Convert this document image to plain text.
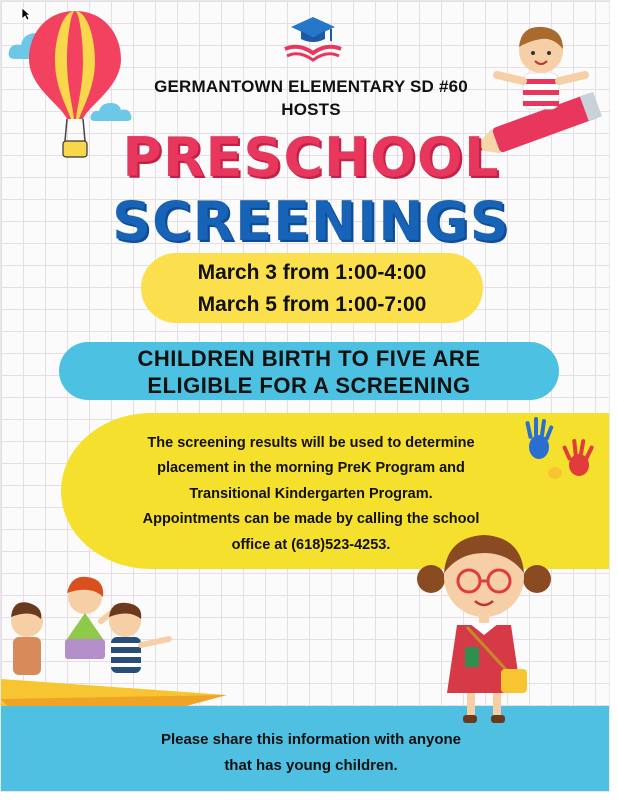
GERMANTOWN ELEMENTARY SD #60
HOSTS
PRESCHOOL
SCREENINGS
March 3 from 1:00-4:00
March 5 from 1:00-7:00
CHILDREN BIRTH TO FIVE ARE
ELIGIBLE FOR A SCREENING
The screening results will be used to determine
placement in the morning PreK Program and
Transitional Kindergarten Program.
Appointments can be made by calling the school
office at (618)523-4253.
Please share this information with anyone
that has young children.
